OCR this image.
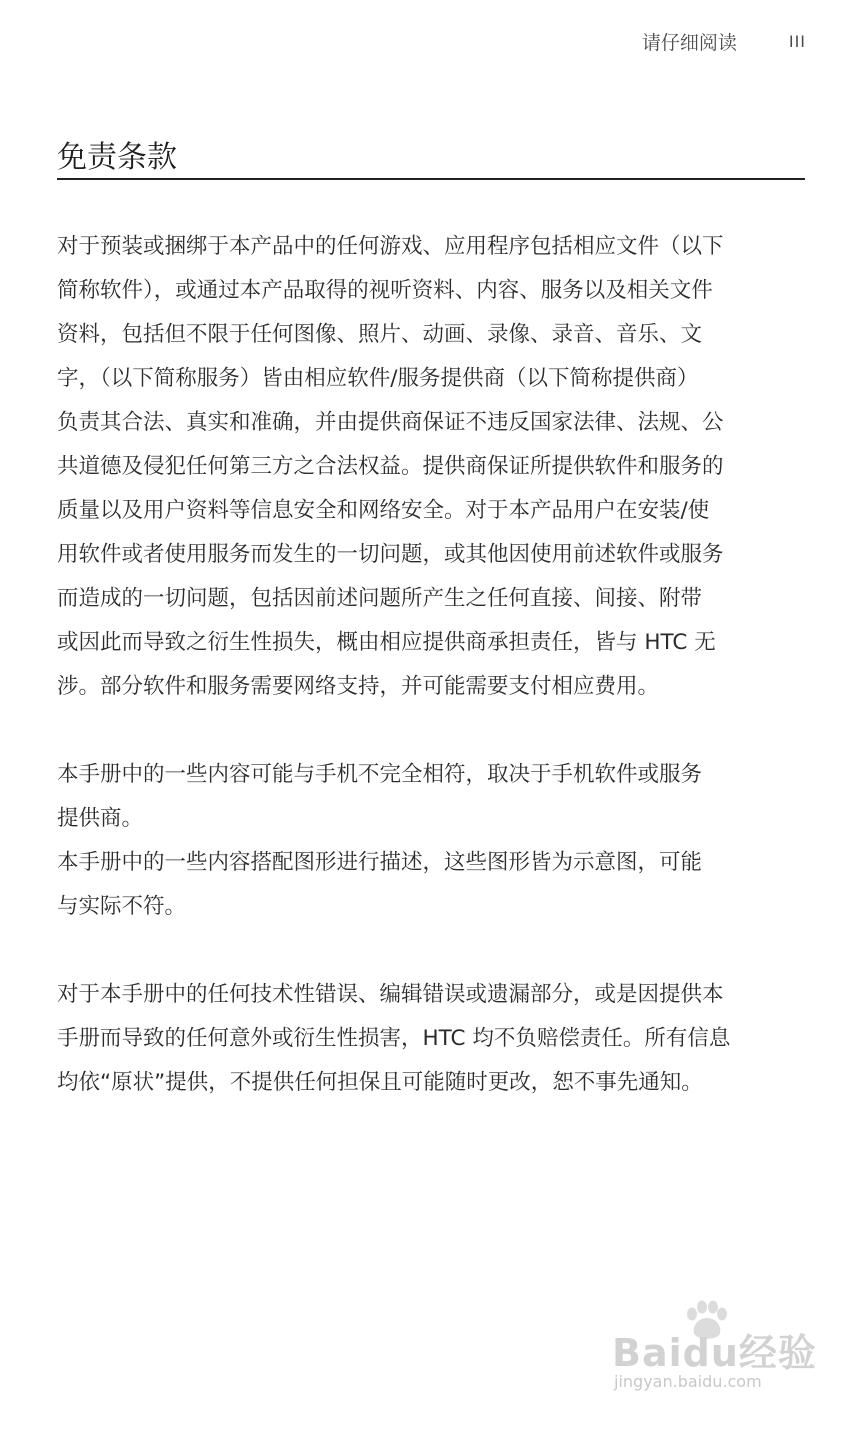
请仔细阅读	III
免责条款
对于预装或捆绑于本产品中的任何游戏、应用程序包括相应文件（以下
简称软件），或通过本产品取得的视听资料、内容、服务以及相关文件
资料，包括但不限于任何图像、照片、动画、录像、录音、音乐、文
字，（以下简称服务）皆由相应软件/服务提供商（以下简称提供商）
负责其合法、真实和准确，并由提供商保证不违反国家法律、法规、公
共道德及侵犯任何第三方之合法权益。提供商保证所提供软件和服务的
质量以及用户资料等信息安全和网络安全。对于本产品用户在安装/使
用软件或者使用服务而发生的一切问题，或其他因使用前述软件或服务
而造成的一切问题，包括因前述问题所产生之任何直接、间接、附带
或因此而导致之衍生性损失，概由相应提供商承担责任，皆与 HTC 无
涉。部分软件和服务需要网络支持，并可能需要支付相应费用。
本手册中的一些内容可能与手机不完全相符，取决于手机软件或服务
提供商。
本手册中的一些内容搭配图形进行描述，这些图形皆为示意图，可能
与实际不符。
对于本手册中的任何技术性错误、编辑错误或遗漏部分，或是因提供本
手册而导致的任何意外或衍生性损害，HTC 均不负赔偿责任。所有信息
均依“原状”提供，不提供任何担保且可能随时更改，恕不事先通知。
Baidu经验
jingyan.baidu.com
